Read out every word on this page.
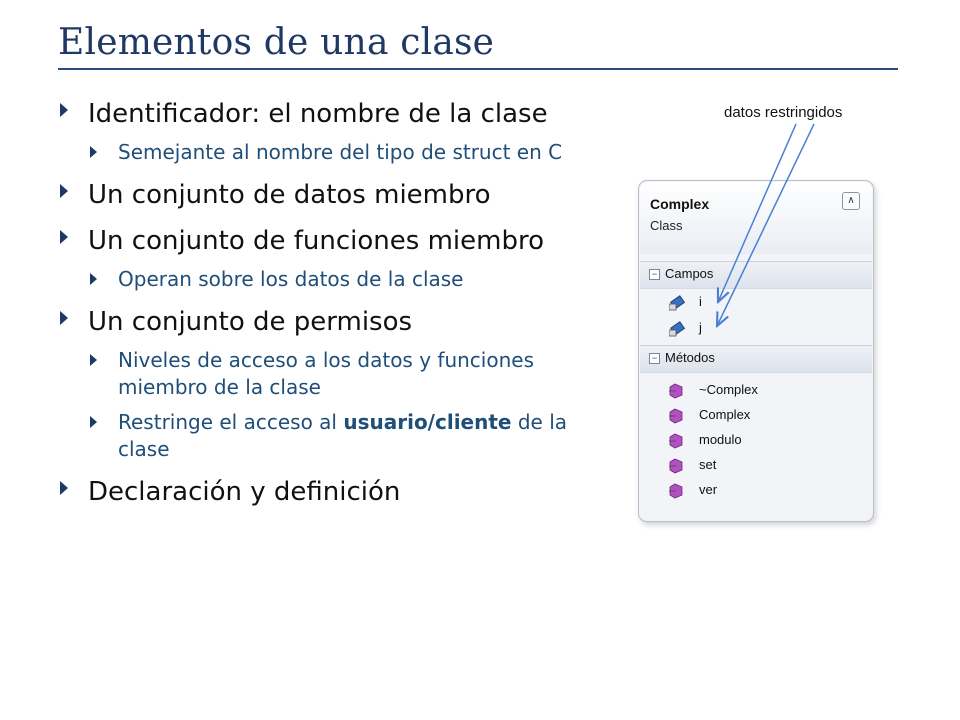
Elementos de una clase
Identificador: el nombre de la clase
Semejante al nombre del tipo de struct en C
Un conjunto de datos miembro
Un conjunto de funciones miembro
Operan sobre los datos de la clase
Un conjunto de permisos
Niveles de acceso a los datos y funciones miembro de la clase
Restringe el acceso al usuario/cliente de la clase
Declaración y definición
datos restringidos
Complex
Class
∧
− Campos
i
j
− Métodos
~Complex
Complex
modulo
set
ver
